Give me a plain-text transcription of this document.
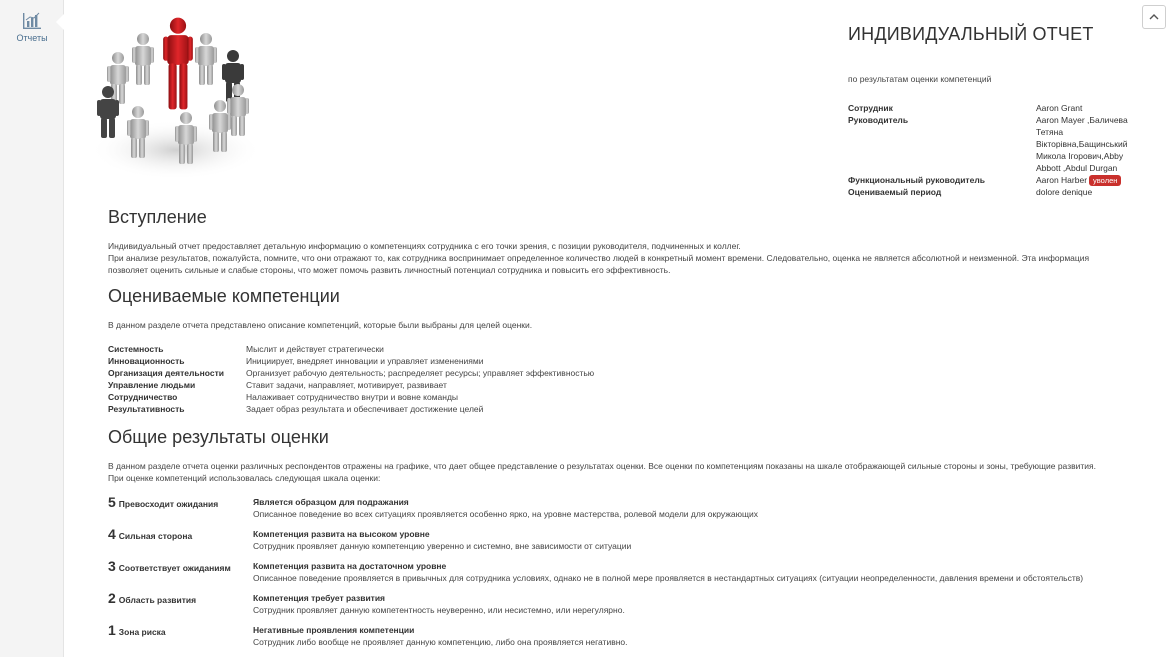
Отчеты	ИНДИВИДУАЛЬНЫЙ ОТЧЕТ
по результатам оценки компетенций
Сотрудник	Aaron Grant
Руководитель	Aaron Mayer ,Баличева Тетяна Вікторівна,Бащинський Микола Ігорович,Abby Abbott ,Abdul Durgan
Функциональный руководитель	Aaron Harber уволен
Оцениваемый период	dolore denique
Вступление

Индивидуальный отчет предоставляет детальную информацию о компетенциях сотрудника с его точки зрения, с позиции руководителя, подчиненных и коллег.

При анализе результатов, пожалуйста, помните, что они отражают то, как сотрудника воспринимает определенное количество людей в конкретный момент времени. Следовательно, оценка не является абсолютной и неизменной. Эта информация позволяет оценить сильные и слабые стороны, что может помочь развить личностный потенциал сотрудника и повысить его эффективность.

Оцениваемые компетенции

В данном разделе отчета представлено описание компетенций, которые были выбраны для целей оценки.

Системность	Мыслит и действует стратегически
Инновационность	Инициирует, внедряет инновации и управляет изменениями
Организация деятельности	Организует рабочую деятельность; распределяет ресурсы; управляет эффективностью
Управление людьми	Ставит задачи, направляет, мотивирует, развивает
Сотрудничество	Налаживает сотрудничество внутри и вовне команды
Результативность	Задает образ результата и обеспечивает достижение целей
Общие результаты оценки

В данном разделе отчета оценки различных респондентов отражены на графике, что дает общее представление о результатах оценки. Все оценки по компетенциям показаны на шкале отображающей сильные стороны и зоны, требующие развития.

При оценке компетенций использовалась следующая шкала оценки:

5 Превосходит ожидания	Является образцом для подражания
Описанное поведение во всех ситуациях проявляется особенно ярко, на уровне мастерства, ролевой модели для окружающих
4 Сильная сторона	Компетенция развита на высоком уровне
Сотрудник проявляет данную компетенцию уверенно и системно, вне зависимости от ситуации
3 Соответствует ожиданиям	Компетенция развита на достаточном уровне
Описанное поведение проявляется в привычных для сотрудника условиях, однако не в полной мере проявляется в нестандартных ситуациях (ситуации неопределенности, давления времени и обстоятельств)
2 Область развития	Компетенция требует развития
Сотрудник проявляет данную компетентность неуверенно, или несистемно, или нерегулярно.
1 Зона риска	Негативные проявления компетенции
Сотрудник либо вообще не проявляет данную компетенцию, либо она проявляется негативно.
